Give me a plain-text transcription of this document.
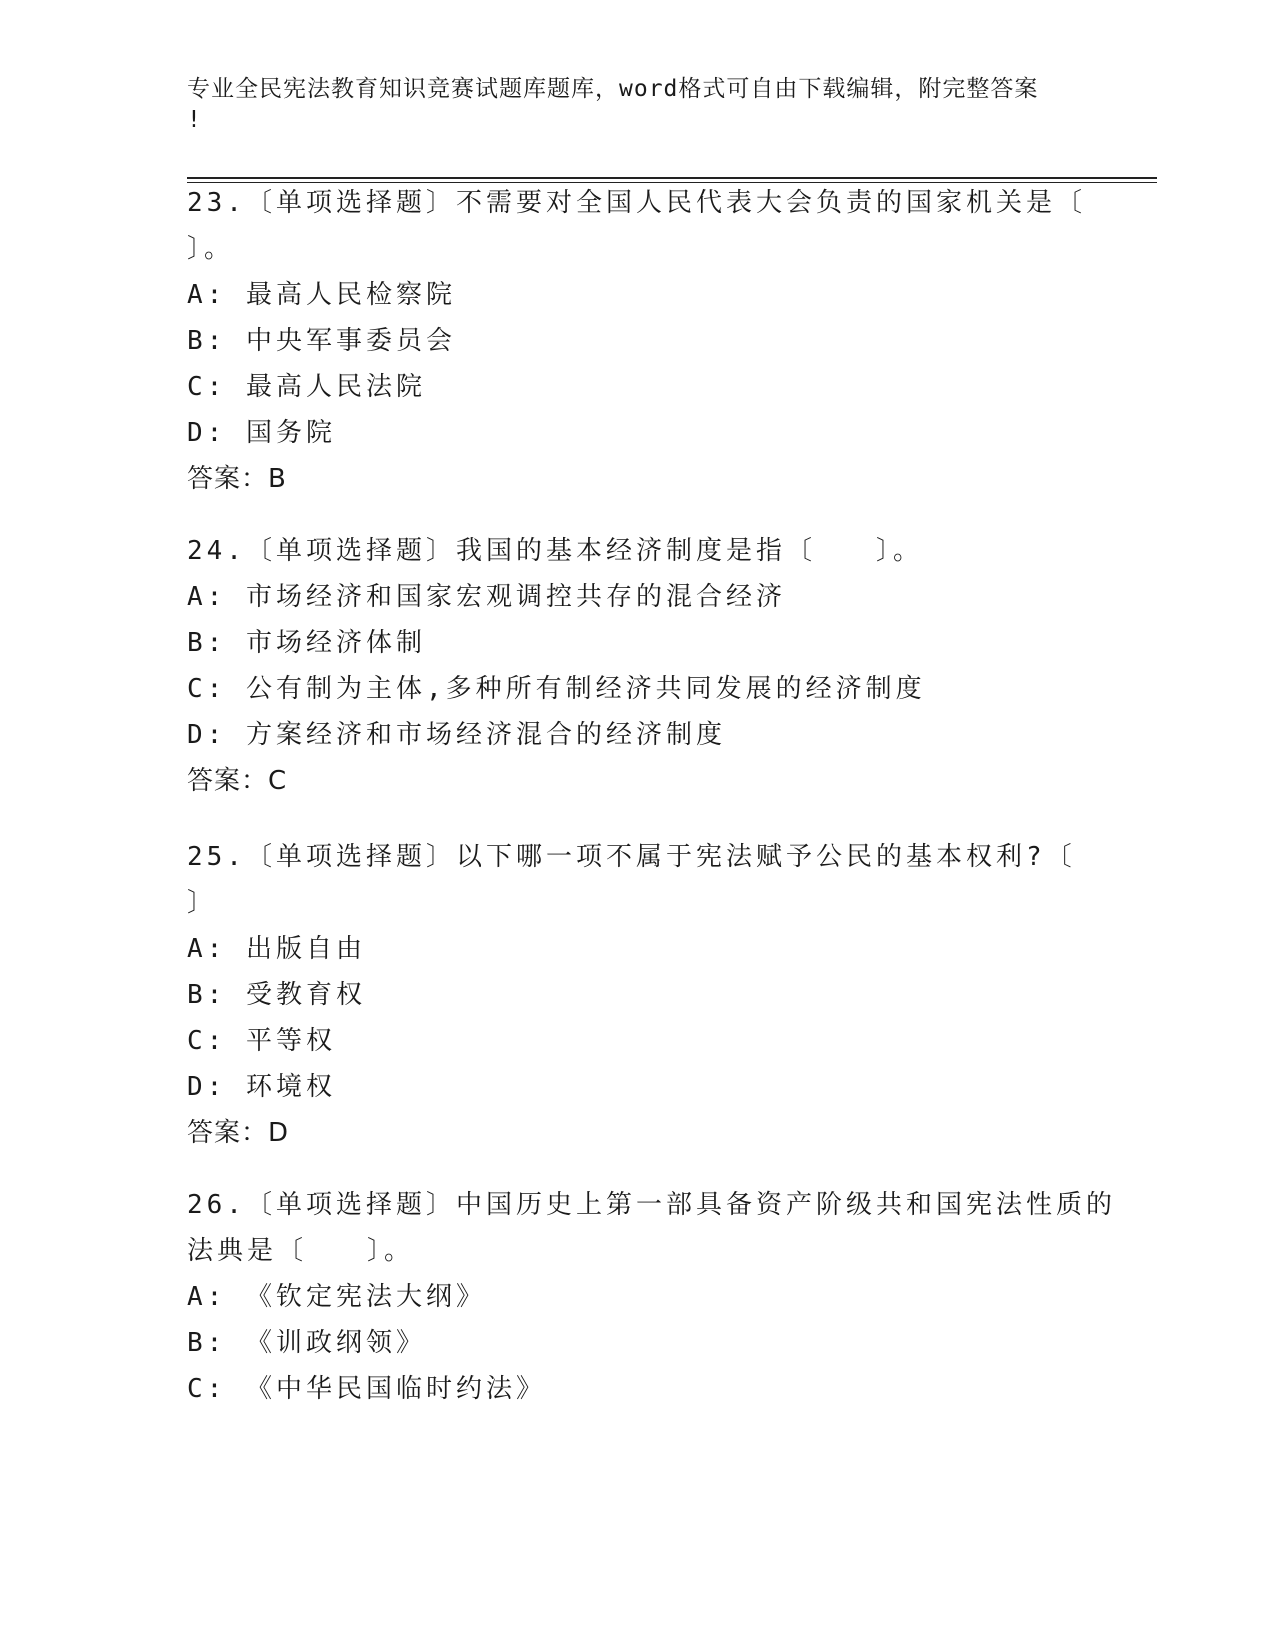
专业全民宪法教育知识竞赛试题库题库，word格式可自由下载编辑，附完整答案
!
23.〔单项选择题〕不需要对全国人民代表大会负责的国家机关是〔
〕。
A: 最高人民检察院
B: 中央军事委员会
C: 最高人民法院
D: 国务院
答案：B
24.〔单项选择题〕我国的基本经济制度是指〔　　〕。
A: 市场经济和国家宏观调控共存的混合经济
B: 市场经济体制
C: 公有制为主体,多种所有制经济共同发展的经济制度
D: 方案经济和市场经济混合的经济制度
答案：C
25.〔单项选择题〕以下哪一项不属于宪法赋予公民的基本权利?〔
〕
A: 出版自由
B: 受教育权
C: 平等权
D: 环境权
答案：D
26.〔单项选择题〕中国历史上第一部具备资产阶级共和国宪法性质的
法典是〔　　〕。
A: 《钦定宪法大纲》
B: 《训政纲领》
C: 《中华民国临时约法》
